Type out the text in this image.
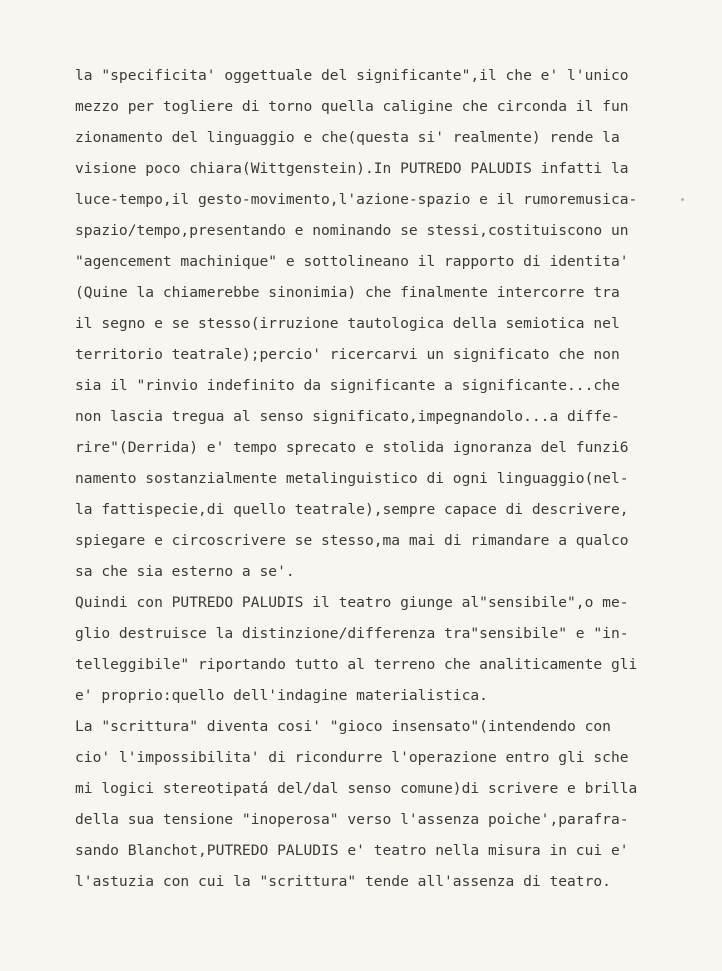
la "specificita' oggettuale del significante",il che e' l'unico
mezzo per togliere di torno quella caligine che circonda il fun
zionamento del linguaggio e che(questa si' realmente) rende la
visione poco chiara(Wittgenstein).In PUTREDO PALUDIS infatti la
luce-tempo,il gesto-movimento,l'azione-spazio e il rumoremusica-
spazio/tempo,presentando e nominando se stessi,costituiscono un
"agencement machinique" e sottolineano il rapporto di identita'
(Quine la chiamerebbe sinonimia) che finalmente intercorre tra
il segno e se stesso(irruzione tautologica della semiotica nel
territorio teatrale);percio' ricercarvi un significato che non
sia il "rinvio indefinito da significante a significante...che
non lascia tregua al senso significato,impegnandolo...a diffe-
rire"(Derrida) e' tempo sprecato e stolida ignoranza del funzi6
namento sostanzialmente metalinguistico di ogni linguaggio(nel-
la fattispecie,di quello teatrale),sempre capace di descrivere,
spiegare e circoscrivere se stesso,ma mai di rimandare a qualco
sa che sia esterno a se'.
Quindi con PUTREDO PALUDIS il teatro giunge al"sensibile",o me-
glio destruisce la distinzione/differenza tra"sensibile" e "in-
telleggibile" riportando tutto al terreno che analiticamente gli
e' proprio:quello dell'indagine materialistica.
La "scrittura" diventa cosi' "gioco insensato"(intendendo con
cio' l'impossibilita' di ricondurre l'operazione entro gli sche
mi logici stereotipatá del/dal senso comune)di scrivere e brilla
della sua tensione "inoperosa" verso l'assenza poiche',parafra-
sando Blanchot,PUTREDO PALUDIS e' teatro nella misura in cui e'
l'astuzia con cui la "scrittura" tende all'assenza di teatro.
